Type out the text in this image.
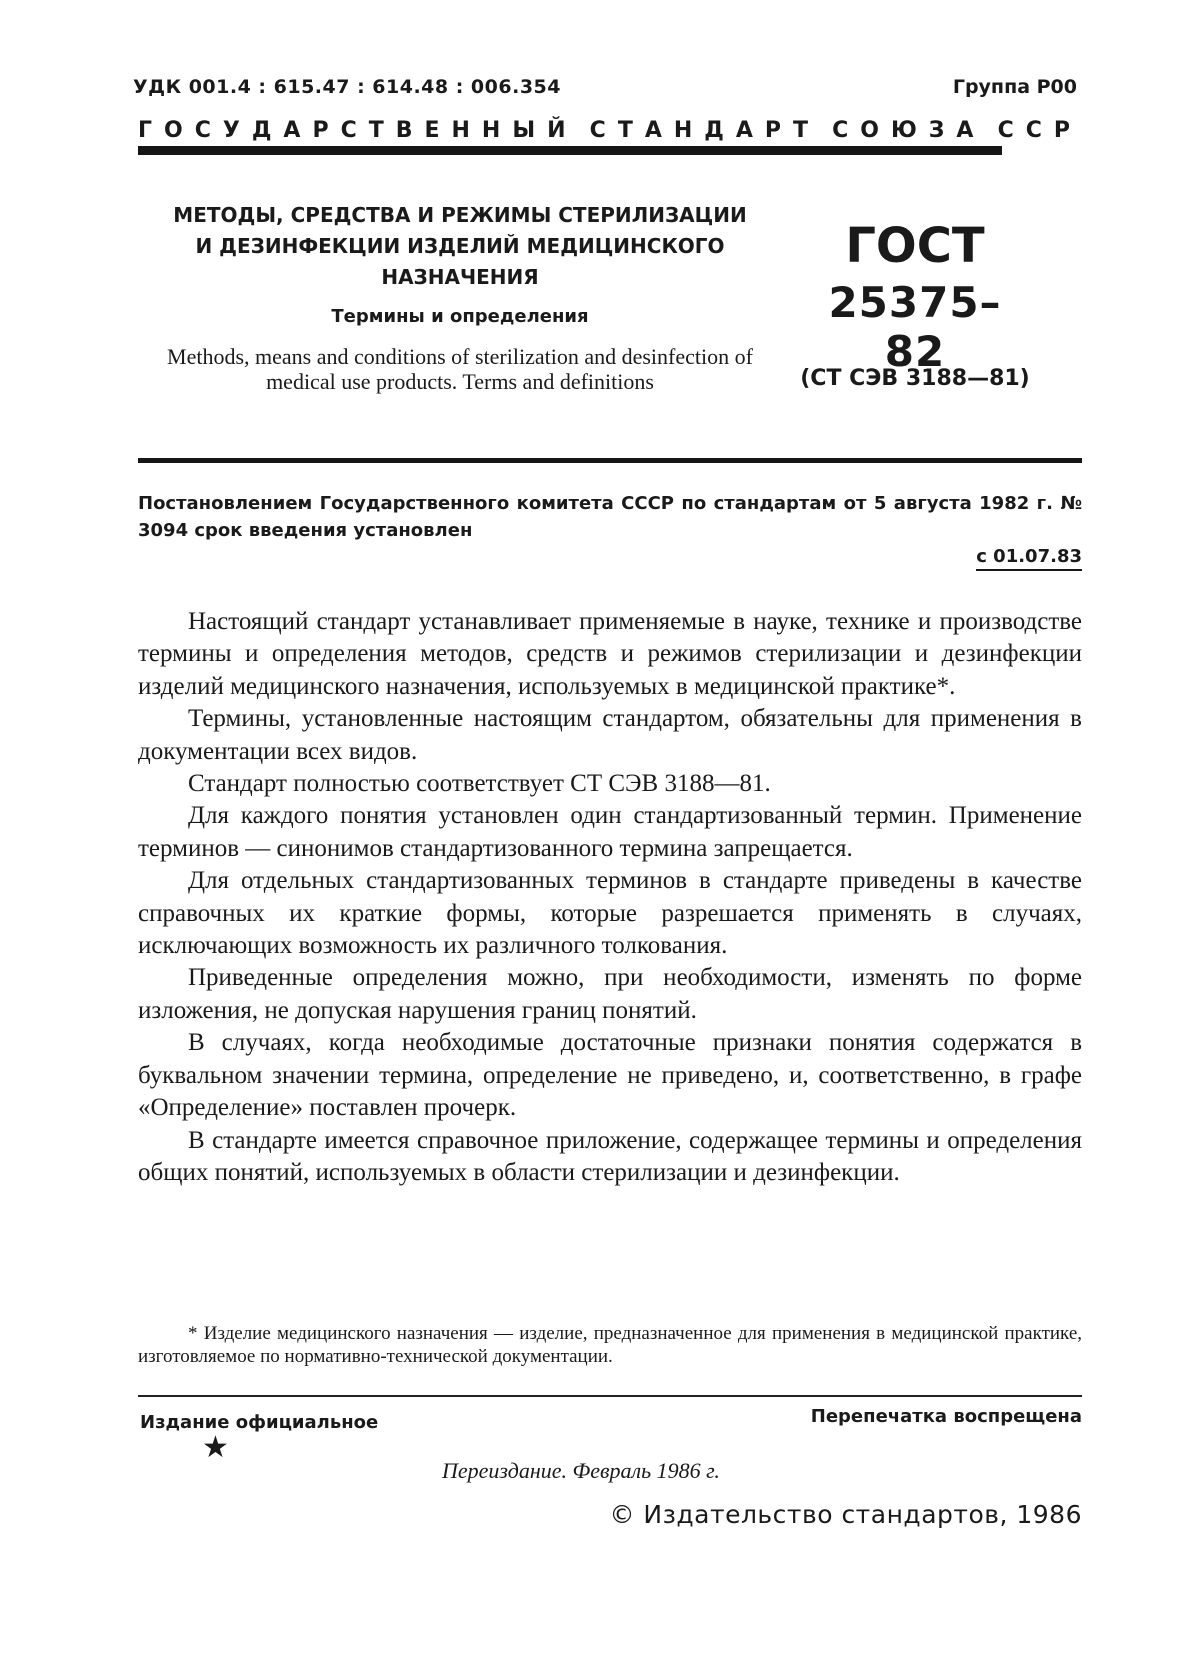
УДК 001.4 : 615.47 : 614.48 : 006.354	Группа Р00
ГОСУДАРСТВЕННЫЙ СТАНДАРТ СОЮЗА ССР
МЕТОДЫ, СРЕДСТВА И РЕЖИМЫ СТЕРИЛИЗАЦИИ И ДЕЗИНФЕКЦИИ ИЗДЕЛИЙ МЕДИЦИНСКОГО НАЗНАЧЕНИЯ
Термины и определения
Methods, means and conditions of sterilization and desinfection of medical use products. Terms and definitions
ГОСТ
25375–82
(СТ СЭВ 3188—81)
Постановлением Государственного комитета СССР по стандартам от 5 августа 1982 г. № 3094 срок введения установлен
с 01.07.83

Настоящий стандарт устанавливает применяемые в науке, технике и производстве термины и определения методов, средств и режимов стерилизации и дезинфекции изделий медицинского назначения, используемых в медицинской практике*.

Термины, установленные настоящим стандартом, обязательны для применения в документации всех видов.

Стандарт полностью соответствует СТ СЭВ 3188—81.

Для каждого понятия установлен один стандартизованный термин. Применение терминов — синонимов стандартизованного термина запрещается.

Для отдельных стандартизованных терминов в стандарте приведены в качестве справочных их краткие формы, которые разрешается применять в случаях, исключающих возможность их различного толкования.

Приведенные определения можно, при необходимости, изменять по форме изложения, не допуская нарушения границ понятий.

В случаях, когда необходимые достаточные признаки понятия содержатся в буквальном значении термина, определение не приведено, и, соответственно, в графе «Определение» поставлен прочерк.

В стандарте имеется справочное приложение, содержащее термины и определения общих понятий, используемых в области стерилизации и дезинфекции.

* Изделие медицинского назначения — изделие, предназначенное для применения в медицинской практике, изготовляемое по нормативно-технической документации.
Издание официальное	Перепечатка воспрещена
★
Переиздание. Февраль 1986 г.
© Издательство стандартов, 1986
